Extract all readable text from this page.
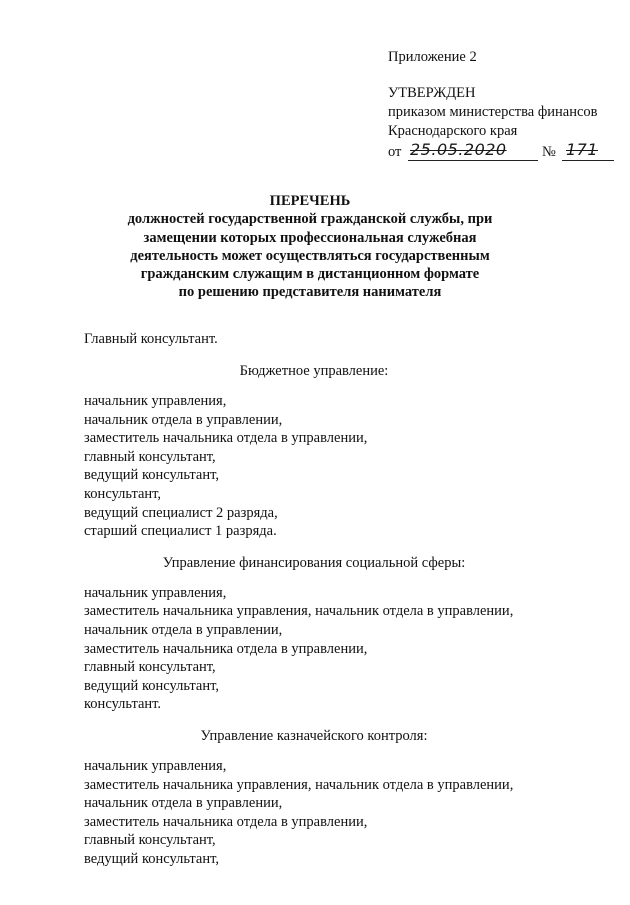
Приложение 2
УТВЕРЖДЕН
приказом министерства финансов
Краснодарского края
от 25.05.2020 № 171
ПЕРЕЧЕНЬ
должностей государственной гражданской службы, при
замещении которых профессиональная служебная
деятельность может осуществляться государственным
гражданским служащим в дистанционном формате
по решению представителя нанимателя
Главный консультант.
Бюджетное управление:
начальник управления,
начальник отдела в управлении,
заместитель начальника отдела в управлении,
главный консультант,
ведущий консультант,
консультант,
ведущий специалист 2 разряда,
старший специалист 1 разряда.
Управление финансирования социальной сферы:
начальник управления,
заместитель начальника управления, начальник отдела в управлении,
начальник отдела в управлении,
заместитель начальника отдела в управлении,
главный консультант,
ведущий консультант,
консультант.
Управление казначейского контроля:
начальник управления,
заместитель начальника управления, начальник отдела в управлении,
начальник отдела в управлении,
заместитель начальника отдела в управлении,
главный консультант,
ведущий консультант,
